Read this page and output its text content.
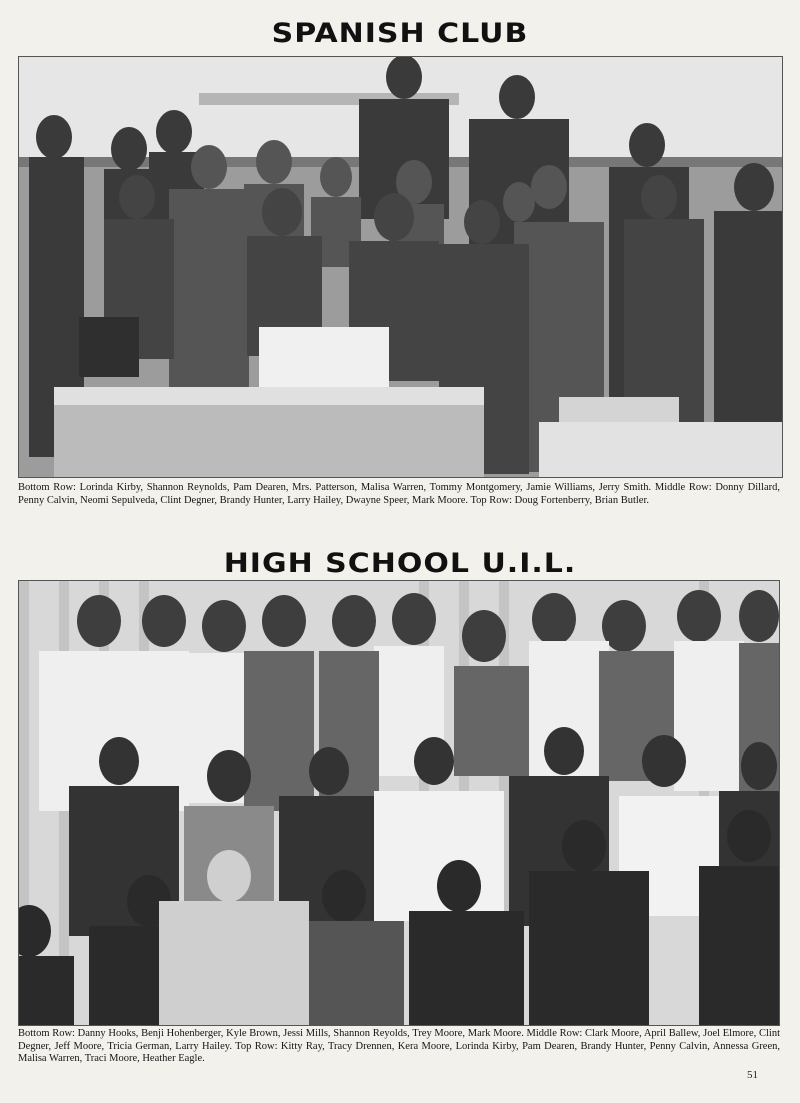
SPANISH CLUB
Bottom Row: Lorinda Kirby, Shannon Reynolds, Pam Dearen, Mrs. Patterson, Malisa Warren, Tommy Montgomery, Jamie Williams, Jerry Smith. Middle Row: Donny Dillard, Penny Calvin, Neomi Sepulveda, Clint Degner, Brandy Hunter, Larry Hailey, Dwayne Speer, Mark Moore. Top Row: Doug Fortenberry, Brian Butler.
HIGH SCHOOL U.I.L.
Bottom Row: Danny Hooks, Benji Hohenberger, Kyle Brown, Jessi Mills, Shannon Reyolds, Trey Moore, Mark Moore. Middle Row: Clark Moore, April Ballew, Joel Elmore, Clint Degner, Jeff Moore, Tricia German, Larry Hailey. Top Row: Kitty Ray, Tracy Drennen, Kera Moore, Lorinda Kirby, Pam Dearen, Brandy Hunter, Penny Calvin, Annessa Green, Malisa Warren, Traci Moore, Heather Eagle.
51
